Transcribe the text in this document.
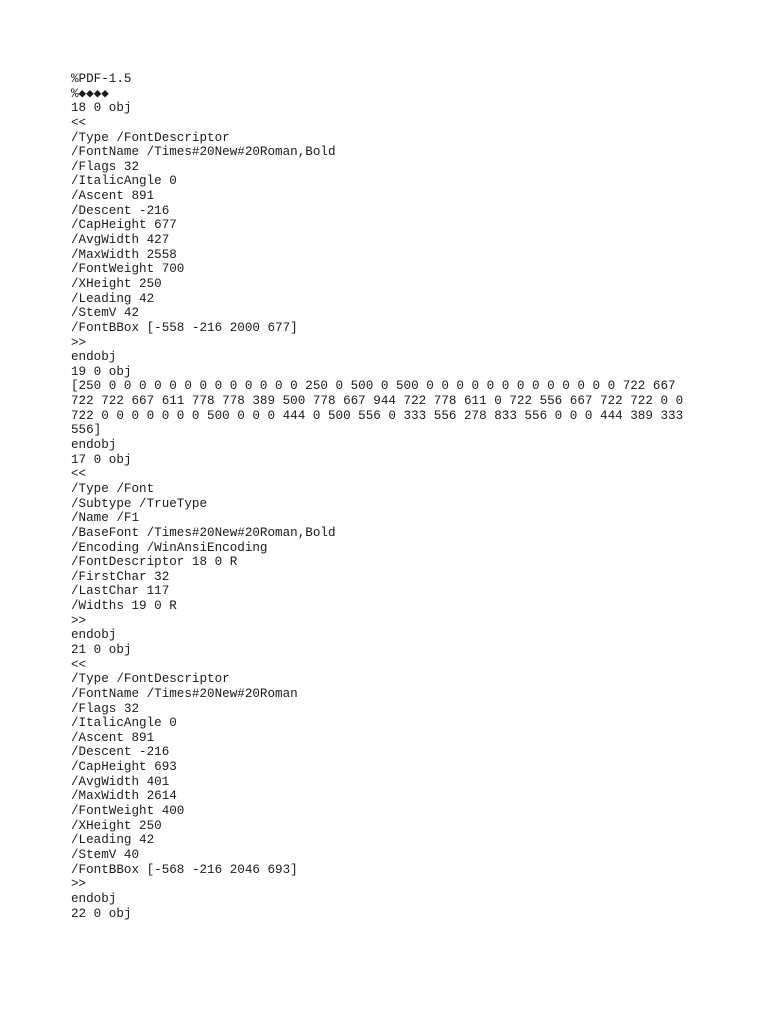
%PDF-1.5
%◆◆◆◆
18 0 obj
<<
/Type /FontDescriptor
/FontName /Times#20New#20Roman,Bold
/Flags 32
/ItalicAngle 0
/Ascent 891
/Descent -216
/CapHeight 677
/AvgWidth 427
/MaxWidth 2558
/FontWeight 700
/XHeight 250
/Leading 42
/StemV 42
/FontBBox [-558 -216 2000 677]
>>
endobj
19 0 obj
[250 0 0 0 0 0 0 0 0 0 0 0 0 0 250 0 500 0 500 0 0 0 0 0 0 0 0 0 0 0 0 0 722 667
722 722 667 611 778 778 389 500 778 667 944 722 778 611 0 722 556 667 722 722 0 0
722 0 0 0 0 0 0 0 500 0 0 0 444 0 500 556 0 333 556 278 833 556 0 0 0 444 389 333
556]
endobj
17 0 obj
<<
/Type /Font
/Subtype /TrueType
/Name /F1
/BaseFont /Times#20New#20Roman,Bold
/Encoding /WinAnsiEncoding
/FontDescriptor 18 0 R
/FirstChar 32
/LastChar 117
/Widths 19 0 R
>>
endobj
21 0 obj
<<
/Type /FontDescriptor
/FontName /Times#20New#20Roman
/Flags 32
/ItalicAngle 0
/Ascent 891
/Descent -216
/CapHeight 693
/AvgWidth 401
/MaxWidth 2614
/FontWeight 400
/XHeight 250
/Leading 42
/StemV 40
/FontBBox [-568 -216 2046 693]
>>
endobj
22 0 obj
